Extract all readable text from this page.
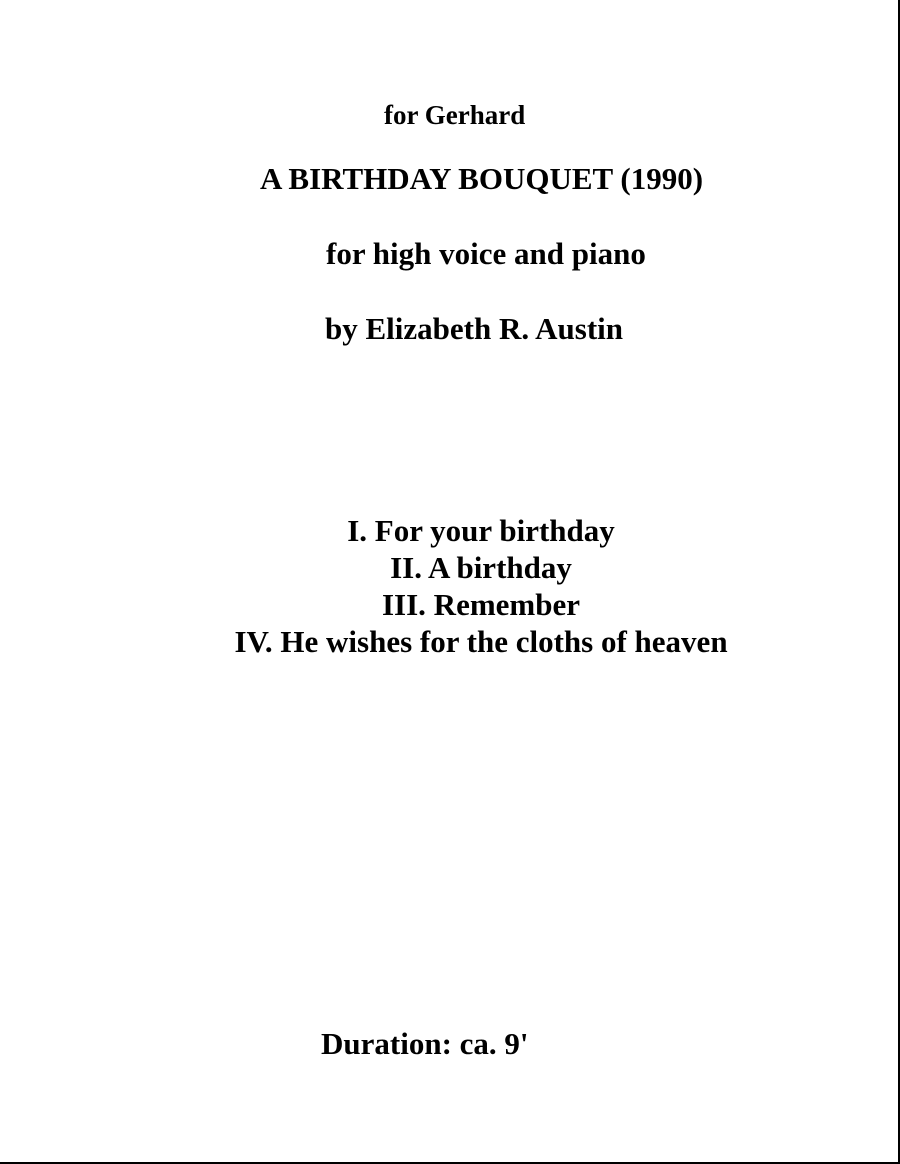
for Gerhard
A BIRTHDAY BOUQUET (1990)
for high voice and piano
by Elizabeth R. Austin
I. For your birthday
II. A birthday
III. Remember
IV. He wishes for the cloths of heaven
Duration: ca. 9'
